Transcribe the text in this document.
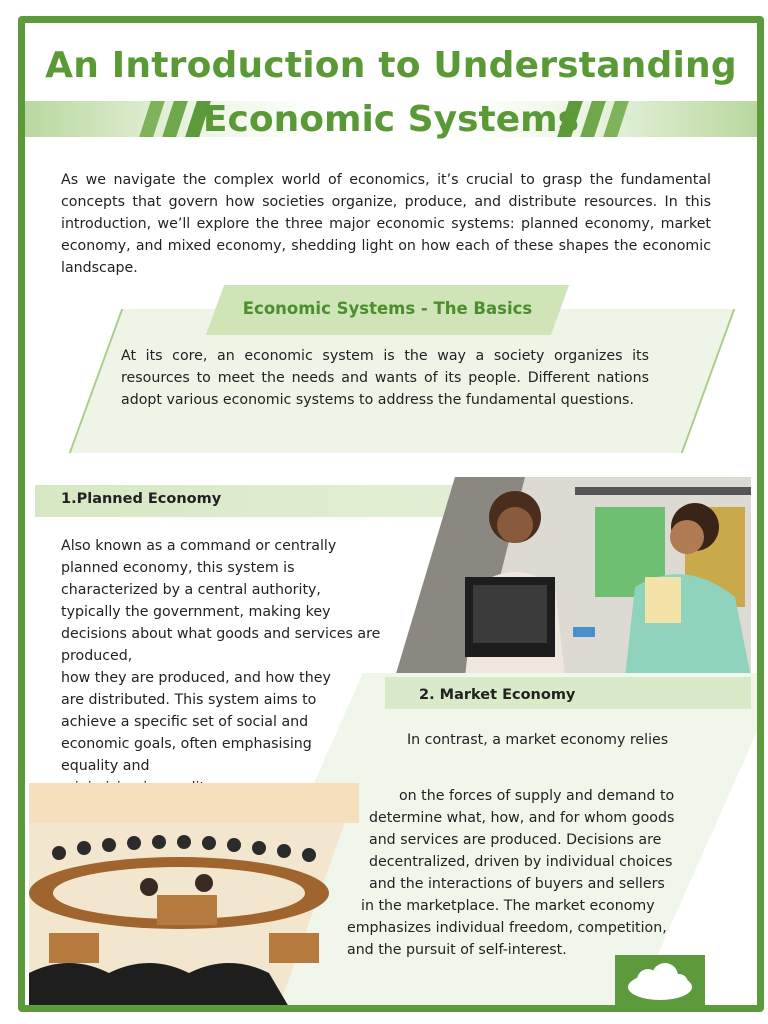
An Introduction to Understanding
Economic Systems
As we navigate the complex world of economics, it’s crucial to grasp the fundamental concepts that govern how societies organize, produce, and distribute resources. In this introduction, we’ll explore the three major economic systems: planned economy, market economy, and mixed economy, shedding light on how each of these shapes the economic landscape.
Economic Systems - The Basics
At its core, an economic system is the way a society organizes its resources to meet the needs and wants of its people. Different nations adopt various economic systems to address the fundamental questions.
1.Planned Economy
Also known as a command or centrally
planned economy, this system is
characterized by a central authority,
typically the government, making key
decisions about what goods and services are
produced,
how they are produced, and how they
are distributed. This system aims to
achieve a specific set of social and
economic goals, often emphasising
equality and
2. Market Economy
In contrast, a market economy relies
on the forces of supply and demand to
determine what, how, and for whom goods
and services are produced. Decisions are
decentralized, driven by individual choices
and the interactions of buyers and sellers
in the marketplace. The market economy
emphasizes individual freedom, competition,
and the pursuit of self-interest.
